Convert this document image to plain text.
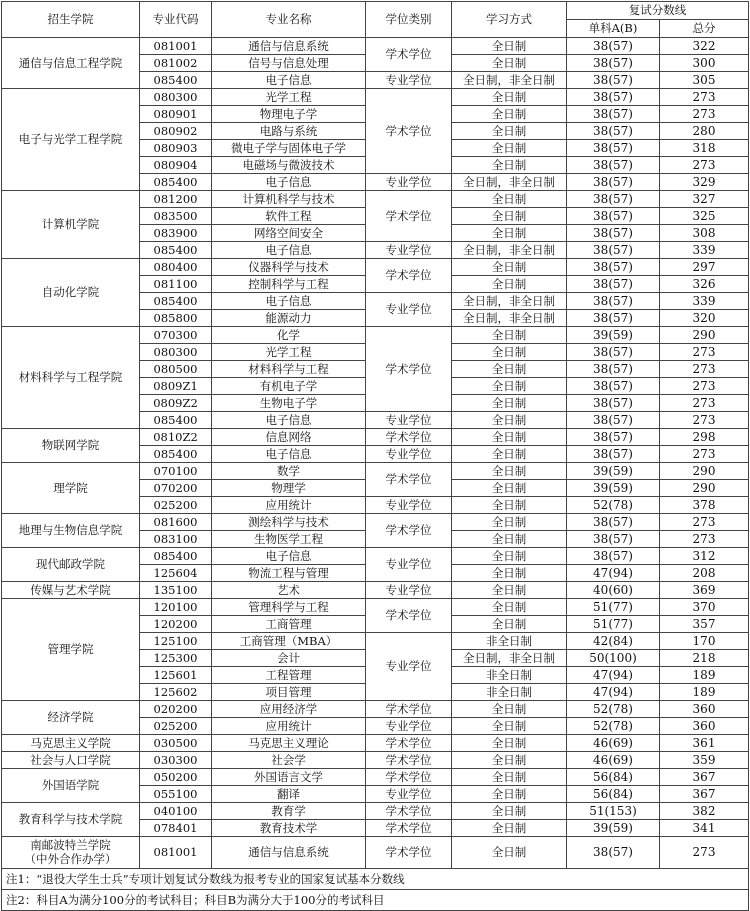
招生学院	专业代码	专业名称	学位类别	学习方式	复试分数线	
					单科A(B)	总分

通信与信息工程学院	081001	通信与信息系统	学术学位	全日制	38(57)	322
	081002	信号与信息处理		全日制	38(57)	300
	085400	电子信息	专业学位	全日制，非全日制	38(57)	305

电子与光学工程学院	080300	光学工程	学术学位	全日制	38(57)	273
	080901	物理电子学		全日制	38(57)	273
	080902	电路与系统		全日制	38(57)	280
	080903	微电子学与固体电子学		全日制	38(57)	318
	080904	电磁场与微波技术		全日制	38(57)	273
	085400	电子信息	专业学位	全日制，非全日制	38(57)	329

计算机学院	081200	计算机科学与技术	学术学位	全日制	38(57)	327
	083500	软件工程		全日制	38(57)	325
	083900	网络空间安全		全日制	38(57)	308
	085400	电子信息	专业学位	全日制，非全日制	38(57)	339

自动化学院	080400	仪器科学与技术	学术学位	全日制	38(57)	297
	081100	控制科学与工程		全日制	38(57)	326
	085400	电子信息	专业学位	全日制，非全日制	38(57)	339
	085800	能源动力		全日制，非全日制	38(57)	320

材料科学与工程学院	070300	化学	学术学位	全日制	39(59)	290
	080300	光学工程		全日制	38(57)	273
	080500	材料科学与工程		全日制	38(57)	273
	0809Z1	有机电子学		全日制	38(57)	273
	0809Z2	生物电子学		全日制	38(57)	273
	085400	电子信息	专业学位	全日制	38(57)	273

物联网学院	0810Z2	信息网络	学术学位	全日制	38(57)	298
	085400	电子信息	专业学位	全日制	38(57)	273

理学院	070100	数学	学术学位	全日制	39(59)	290
	070200	物理学		全日制	39(59)	290
	025200	应用统计	专业学位	全日制	52(78)	378

地理与生物信息学院	081600	测绘科学与技术	学术学位	全日制	38(57)	273
	083100	生物医学工程		全日制	38(57)	273

现代邮政学院	085400	电子信息	专业学位	全日制	38(57)	312
	125604	物流工程与管理		全日制	47(94)	208

传媒与艺术学院	135100	艺术	专业学位	全日制	40(60)	369

管理学院	120100	管理科学与工程	学术学位	全日制	51(77)	370
	120200	工商管理		全日制	51(77)	357
	125100	工商管理（MBA）	专业学位	非全日制	42(84)	170
	125300	会计		全日制，非全日制	50(100)	218
	125601	工程管理		非全日制	47(94)	189
	125602	项目管理		非全日制	47(94)	189

经济学院	020200	应用经济学	学术学位	全日制	52(78)	360
	025200	应用统计	专业学位	全日制	52(78)	360

马克思主义学院	030500	马克思主义理论	学术学位	全日制	46(69)	361

社会与人口学院	030300	社会学	学术学位	全日制	46(69)	359

外国语学院	050200	外国语言文学	学术学位	全日制	56(84)	367
	055100	翻译	专业学位	全日制	56(84)	367

教育科学与技术学院	040100	教育学	学术学位	全日制	51(153)	382
	078401	教育技术学	学术学位	全日制	39(59)	341

南邮波特兰学院
（中外合作办学）	081001	通信与信息系统	学术学位	全日制	38(57)	273
注1：“退役大学生士兵”专项计划复试分数线为报考专业的国家复试基本分数线						
注2：科目A为满分100分的考试科目；科目B为满分大于100分的考试科目						
